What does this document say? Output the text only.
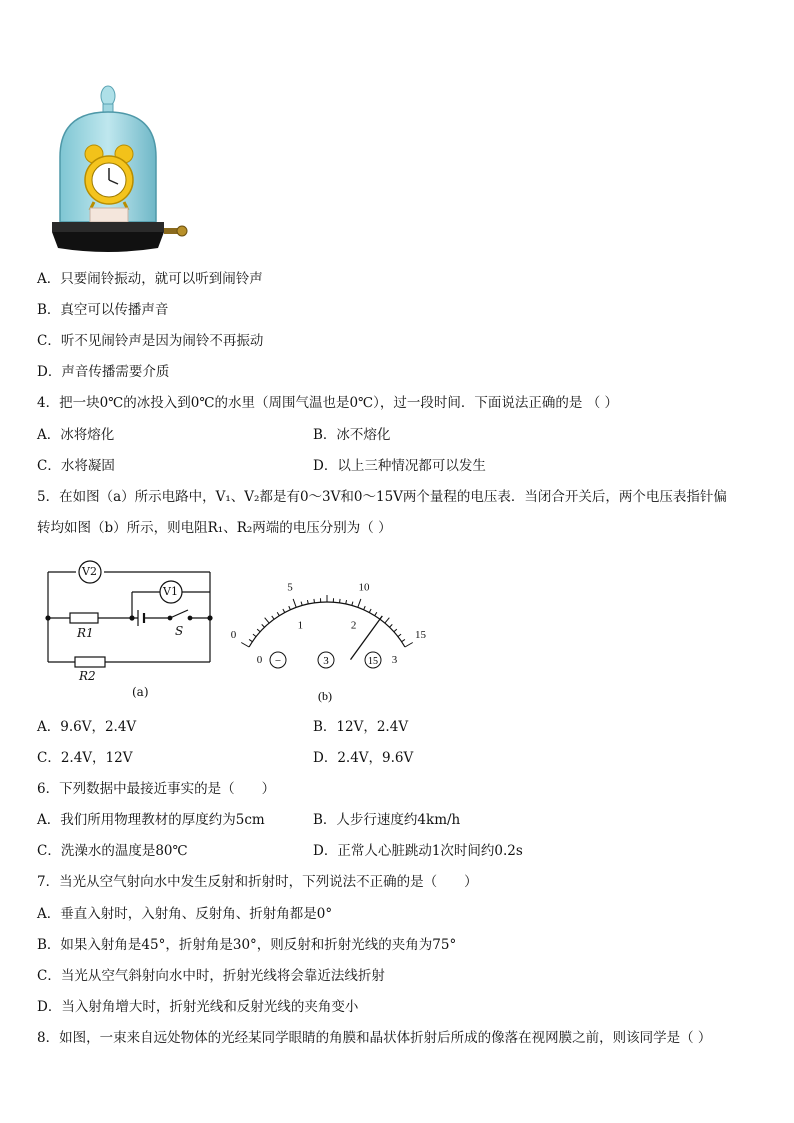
A．只要闹铃振动，就可以听到闹铃声
B．真空可以传播声音
C．听不见闹铃声是因为闹铃不再振动
D．声音传播需要介质
4．把一块0℃的冰投入到0℃的水里（周围气温也是0℃），过一段时间．下面说法正确的是 （ ）
A．冰将熔化	B．冰不熔化
C．水将凝固	D．以上三种情况都可以发生
5．在如图（a）所示电路中，V₁、V₂都是有0～3V和0～15V两个量程的电压表．当闭合开关后，两个电压表指针偏
转均如图（b）所示，则电阻R₁、R₂两端的电压分别为（ ）
V2
V1
R1	S
R2
(a)
0
5	10
15
0
1	2
3
−	3	15
(b)
A．9.6V，2.4V	B．12V，2.4V
C．2.4V，12V	D．2.4V，9.6V
6．下列数据中最接近事实的是（　　）
A．我们所用物理教材的厚度约为5cm	B．人步行速度约4km/h
C．洗澡水的温度是80℃	D．正常人心脏跳动1次时间约0.2s
7．当光从空气射向水中发生反射和折射时，下列说法不正确的是（　　）
A．垂直入射时，入射角、反射角、折射角都是0°
B．如果入射角是45°，折射角是30°，则反射和折射光线的夹角为75°
C．当光从空气斜射向水中时，折射光线将会靠近法线折射
D．当入射角增大时，折射光线和反射光线的夹角变小
8．如图，一束来自远处物体的光经某同学眼睛的角膜和晶状体折射后所成的像落在视网膜之前，则该同学是（ ）
